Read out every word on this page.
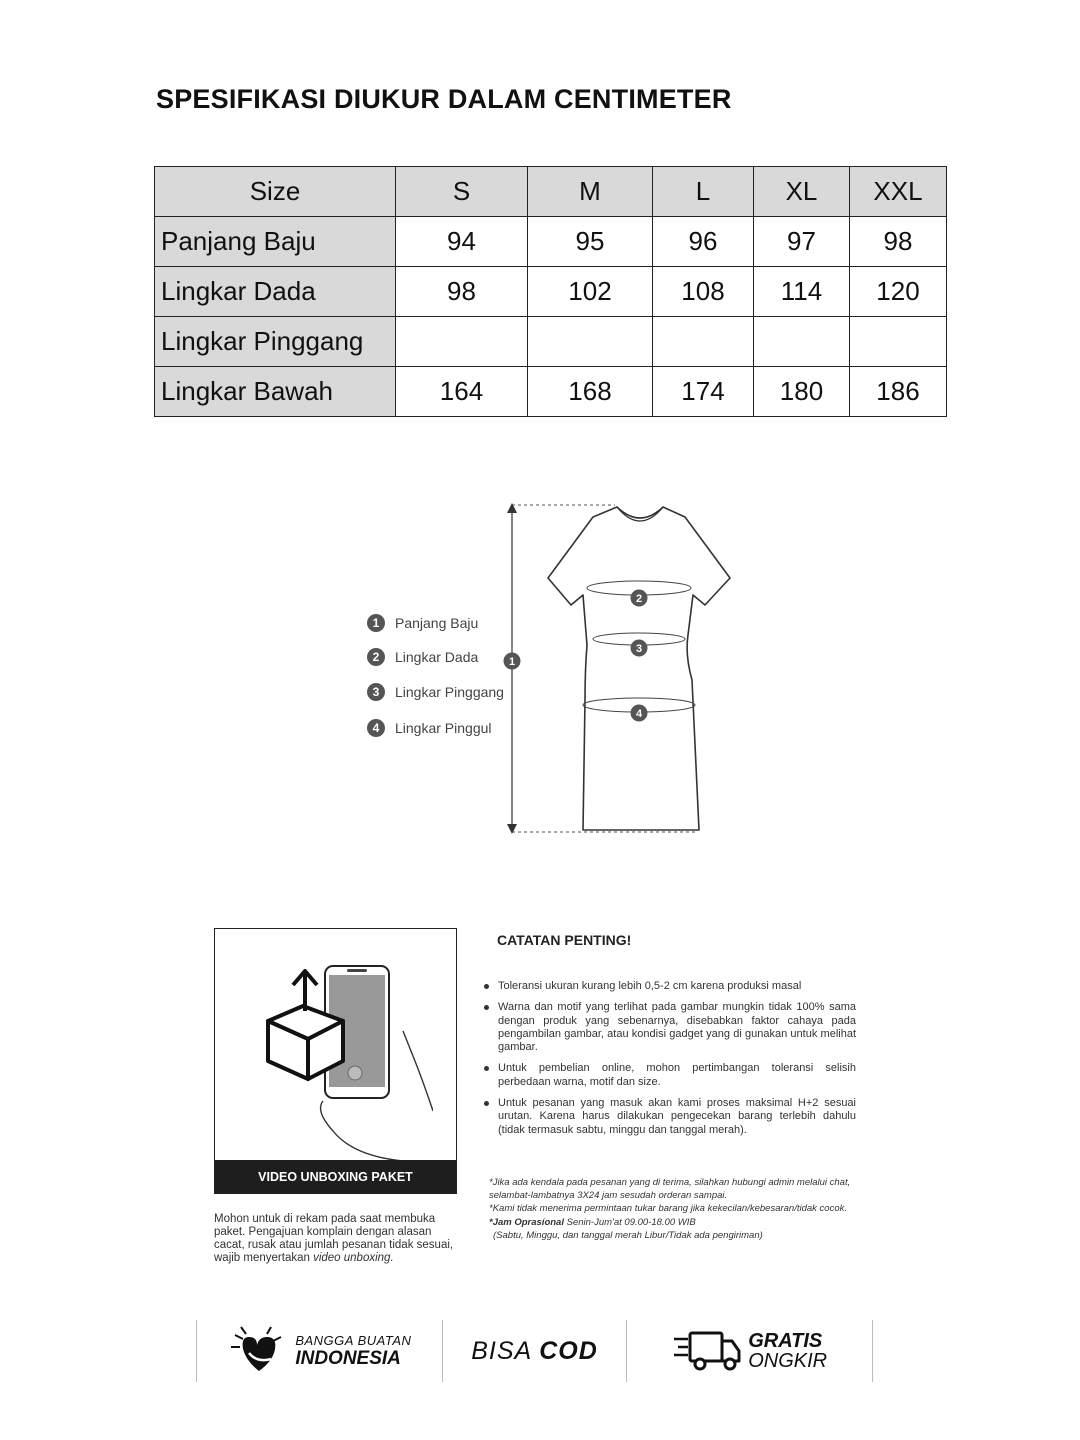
SPESIFIKASI DIUKUR DALAM CENTIMETER
Size	S	M	L	XL	XXL
Panjang Baju	94	95	96	97	98
Lingkar Dada	98	102	108	114	120
Lingkar Pinggang					
Lingkar Bawah	164	168	174	180	186
1	Panjang Baju
2	Lingkar Dada
3	Lingkar Pinggang
4	Lingkar Pinggul
1
2
3
4
VIDEO UNBOXING PAKET
Mohon untuk di rekam pada saat membuka paket. Pengajuan komplain dengan alasan cacat, rusak atau jumlah pesanan tidak sesuai, wajib menyertakan video unboxing.
CATATAN PENTING!
Toleransi ukuran kurang lebih 0,5-2 cm karena produksi masal
Warna dan motif yang terlihat pada gambar mungkin tidak 100% sama dengan produk yang sebenarnya, disebabkan faktor cahaya pada pengambilan gambar, atau kondisi gadget yang di gunakan untuk melihat gambar.
Untuk pembelian online, mohon pertimbangan toleransi selisih perbedaan warna, motif dan size.
Untuk pesanan yang masuk akan kami proses maksimal H+2 sesuai urutan. Karena harus dilakukan pengecekan barang terlebih dahulu (tidak termasuk sabtu, minggu dan tanggal merah).
*Jika ada kendala pada pesanan yang di terima, silahkan hubungi admin melalui chat, selambat-lambatnya 3X24 jam sesudah orderan sampai.
*Kami tidak menerima permintaan tukar barang jika kekecilan/kebesaran/tidak cocok.
*Jam Oprasíonal Senin-Jum'at 09.00-18.00 WIB
(Sabtu, Minggu, dan tanggal merah Libur/Tidak ada pengiriman)
BANGGA BUATAN
INDONESIA	BISA COD	GRATIS
ONGKIR
